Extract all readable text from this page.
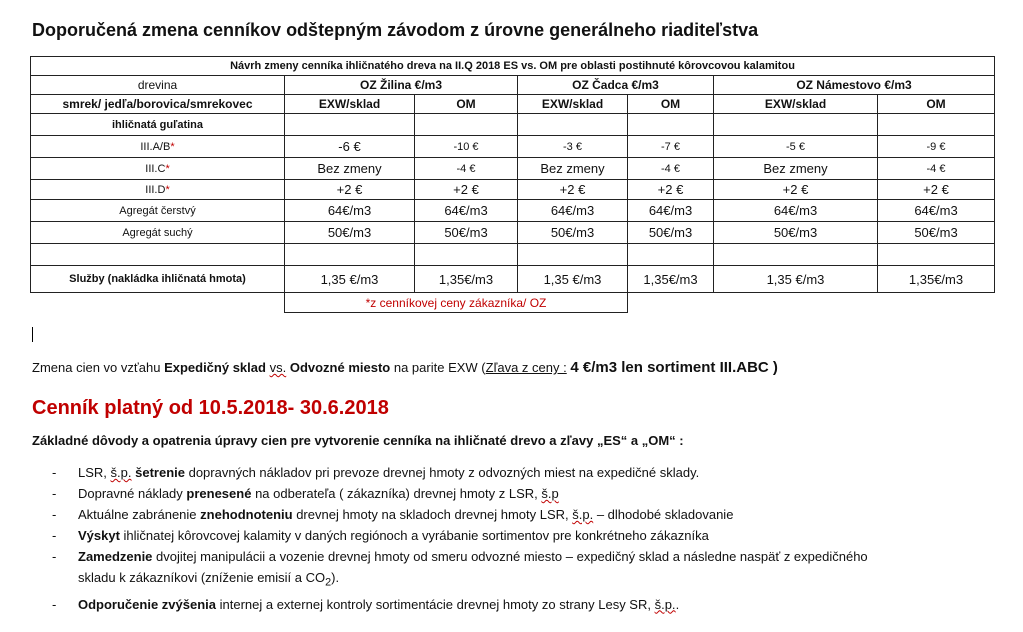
Doporučená zmena cenníkov odštepným závodom z úrovne generálneho riaditeľstva
Návrh zmeny cenníka ihličnatého dreva na II.Q 2018 ES vs. OM pre oblasti postihnuté kôrovcovou kalamitou						
drevina	OZ Žilina €/m3		OZ Čadca €/m3		OZ Námestovo €/m3	
smrek/ jedľa/borovica/smrekovec	EXW/sklad	OM	EXW/sklad	OM	EXW/sklad	OM
ihličnatá guľatina						
III.A/B*	-6 €	-10 €	-3 €	-7 €	-5 €	-9 €
III.C*	Bez zmeny	-4 €	Bez zmeny	-4 €	Bez zmeny	-4 €
III.D*	+2 €	+2 €	+2 €	+2 €	+2 €	+2 €
Agregát čerstvý	64€/m3	64€/m3	64€/m3	64€/m3	64€/m3	64€/m3
Agregát suchý	50€/m3	50€/m3	50€/m3	50€/m3	50€/m3	50€/m3

Služby (nakládka ihličnatá hmota)	1,35 €/m3	1,35€/m3	1,35 €/m3	1,35€/m3	1,35 €/m3	1,35€/m3
	*z cenníkovej ceny zákazníka/ OZ					
Zmena cien vo vzťahu Expedičný sklad vs. Odvozné miesto na parite EXW (Zľava z ceny : 4 €/m3 len sortiment III.ABC )
Cenník platný od 10.5.2018- 30.6.2018
Základné dôvody a opatrenia úpravy cien pre vytvorenie cenníka na ihličnaté drevo a zľavy „ES“ a „OM“ :
- LSR, š.p. šetrenie dopravných nákladov pri prevoze drevnej hmoty z odvozných miest na expedičné sklady.
- Dopravné náklady prenesené na odberateľa ( zákazníka) drevnej hmoty z LSR, š.p
- Aktuálne zabránenie znehodnoteniu drevnej hmoty na skladoch drevnej hmoty LSR, š.p. – dlhodobé skladovanie
- Výskyt ihličnatej kôrovcovej kalamity v daných regiónoch a vyrábanie sortimentov pre konkrétneho zákazníka
- Zamedzenie dvojitej manipulácii a vozenie drevnej hmoty od smeru odvozné miesto – expedičný sklad a následne naspäť z expedičného
skladu k zákazníkovi (zníženie emisií a $CO_2$).
- Odporučenie zvýšenia internej a externej kontroly sortimentácie drevnej hmoty zo strany Lesy SR, š.p..
